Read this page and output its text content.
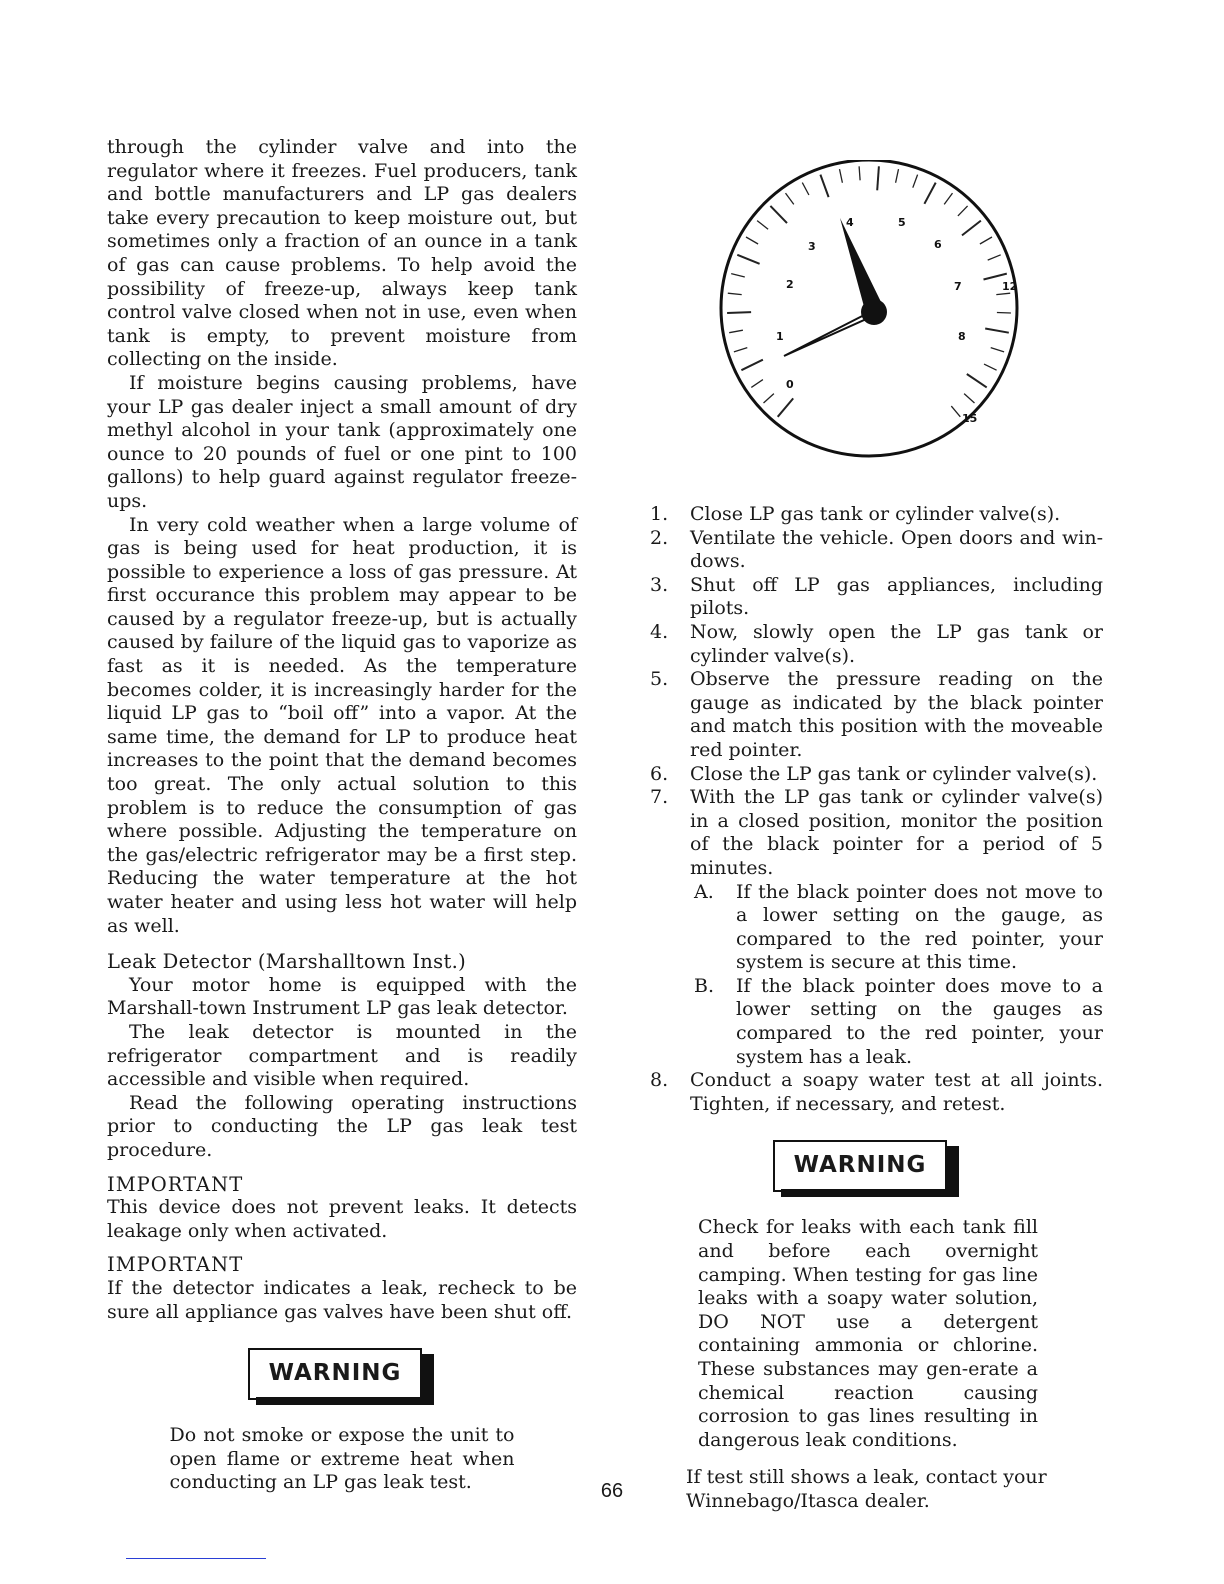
through the cylinder valve and into the regulator where it freezes. Fuel producers, tank and bottle manufacturers and LP gas dealers take every precaution to keep moisture out, but sometimes only a fraction of an ounce in a tank of gas can cause problems. To help avoid the possibility of freeze-up, always keep tank control valve closed when not in use, even when tank is empty, to prevent moisture from collecting on the inside.

If moisture begins causing problems, have your LP gas dealer inject a small amount of dry methyl alcohol in your tank (approximately one ounce to 20 pounds of fuel or one pint to 100 gallons) to help guard against regulator freeze-ups.

In very cold weather when a large volume of gas is being used for heat production, it is possible to experience a loss of gas pressure. At first occurance this problem may appear to be caused by a regulator freeze-up, but is actually caused by failure of the liquid gas to vaporize as fast as it is needed. As the temperature becomes colder, it is increasingly harder for the liquid LP gas to “boil off” into a vapor. At the same time, the demand for LP to produce heat increases to the point that the demand becomes too great. The only actual solution to this problem is to reduce the consumption of gas where possible. Adjusting the temperature on the gas/electric refrigerator may be a first step. Reducing the water temperature at the hot water heater and using less hot water will help as well.

Leak Detector (Marshalltown Inst.)

Your motor home is equipped with the Marshall-town Instrument LP gas leak detector.

The leak detector is mounted in the refrigerator compartment and is readily accessible and visible when required.

Read the following operating instructions prior to conducting the LP gas leak test procedure.

IMPORTANT

This device does not prevent leaks. It detects leakage only when activated.

IMPORTANT

If the detector indicates a leak, recheck to be sure all appliance gas valves have been shut off.

WARNING

Do not smoke or expose the unit to open flame or extreme heat when conducting an LP gas leak test.

0
1
2
3
4	5
6
7
8
12
15
1. Close LP gas tank or cylinder valve(s).
2. Ventilate the vehicle. Open doors and win-dows.
3. Shut off LP gas appliances, including pilots.
4. Now, slowly open the LP gas tank or cylinder valve(s).
5. Observe the pressure reading on the gauge as indicated by the black pointer and match this position with the moveable red pointer.
6. Close the LP gas tank or cylinder valve(s).
7. With the LP gas tank or cylinder valve(s) in a closed position, monitor the position of the black pointer for a period of 5 minutes.
A. If the black pointer does not move to a lower setting on the gauge, as compared to the red pointer, your system is secure at this time.
B. If the black pointer does move to a lower setting on the gauges as compared to the red pointer, your system has a leak.
8. Conduct a soapy water test at all joints. Tighten, if necessary, and retest.
WARNING

Check for leaks with each tank fill and before each overnight camping. When testing for gas line leaks with a soapy water solution, DO NOT use a detergent containing ammonia or chlorine. These substances may gen-erate a chemical reaction causing corrosion to gas lines resulting in dangerous leak conditions.

If test still shows a leak, contact your Winnebago/Itasca dealer.

66
